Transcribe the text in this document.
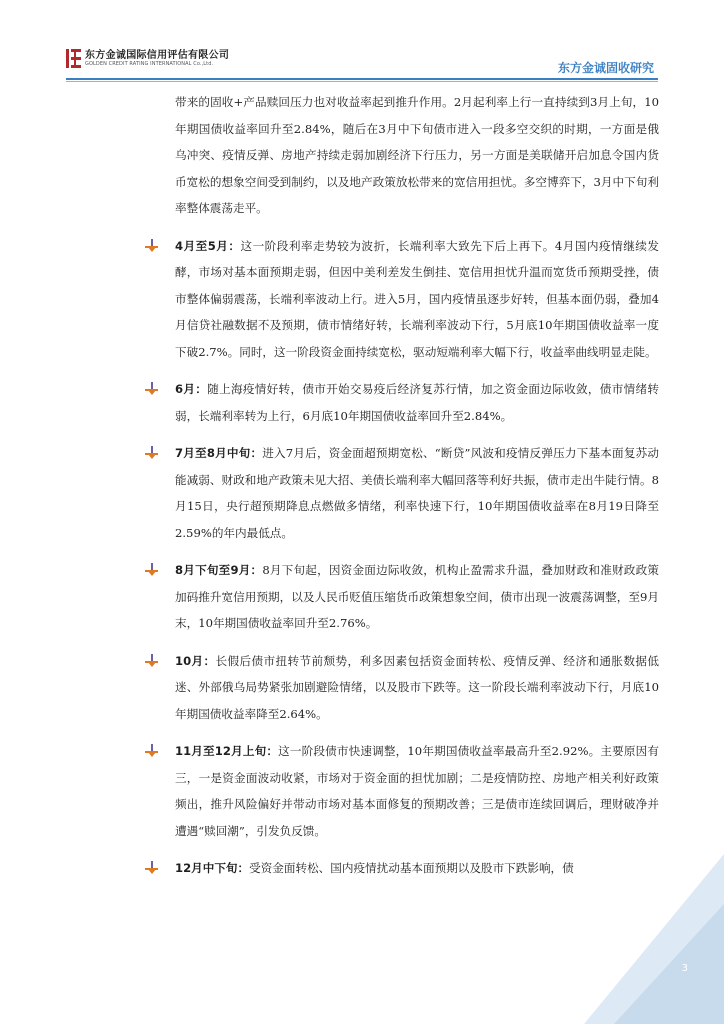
东方金诚国际信用评估有限公司
GOLDEN CREDIT RATING INTERNATIONAL Co.,Ltd.	东方金诚固收研究

带来的固收+产品赎回压力也对收益率起到推升作用。2月起利率上行一直持续到3月上旬，10年期国债收益率回升至2.84%，随后在3月中下旬债市进入一段多空交织的时期，一方面是俄乌冲突、疫情反弹、房地产持续走弱加剧经济下行压力，另一方面是美联储开启加息令国内货币宽松的想象空间受到制约，以及地产政策放松带来的宽信用担忧。多空博弈下，3月中下旬利率整体震荡走平。

4月至5月：这一阶段利率走势较为波折，长端利率大致先下后上再下。4月国内疫情继续发酵，市场对基本面预期走弱，但因中美利差发生倒挂、宽信用担忧升温而宽货币预期受挫，债市整体偏弱震荡，长端利率波动上行。进入5月，国内疫情虽逐步好转，但基本面仍弱，叠加4月信贷社融数据不及预期，债市情绪好转，长端利率波动下行，5月底10年期国债收益率一度下破2.7%。同时，这一阶段资金面持续宽松，驱动短端利率大幅下行，收益率曲线明显走陡。

6月：随上海疫情好转，债市开始交易疫后经济复苏行情，加之资金面边际收敛，债市情绪转弱，长端利率转为上行，6月底10年期国债收益率回升至2.84%。

7月至8月中旬：进入7月后，资金面超预期宽松、“断贷”风波和疫情反弹压力下基本面复苏动能减弱、财政和地产政策未见大招、美债长端利率大幅回落等利好共振，债市走出牛陡行情。8月15日，央行超预期降息点燃做多情绪，利率快速下行，10年期国债收益率在8月19日降至2.59%的年内最低点。

8月下旬至9月：8月下旬起，因资金面边际收敛，机构止盈需求升温，叠加财政和准财政政策加码推升宽信用预期，以及人民币贬值压缩货币政策想象空间，债市出现一波震荡调整，至9月末，10年期国债收益率回升至2.76%。

10月：长假后债市扭转节前颓势，利多因素包括资金面转松、疫情反弹、经济和通胀数据低迷、外部俄乌局势紧张加剧避险情绪，以及股市下跌等。这一阶段长端利率波动下行，月底10年期国债收益率降至2.64%。

11月至12月上旬：这一阶段债市快速调整，10年期国债收益率最高升至2.92%。主要原因有三，一是资金面波动收紧，市场对于资金面的担忧加剧；二是疫情防控、房地产相关利好政策频出，推升风险偏好并带动市场对基本面修复的预期改善；三是债市连续回调后，理财破净并遭遇“赎回潮”，引发负反馈。

12月中下旬：受资金面转松、国内疫情扰动基本面预期以及股市下跌影响，债

3
